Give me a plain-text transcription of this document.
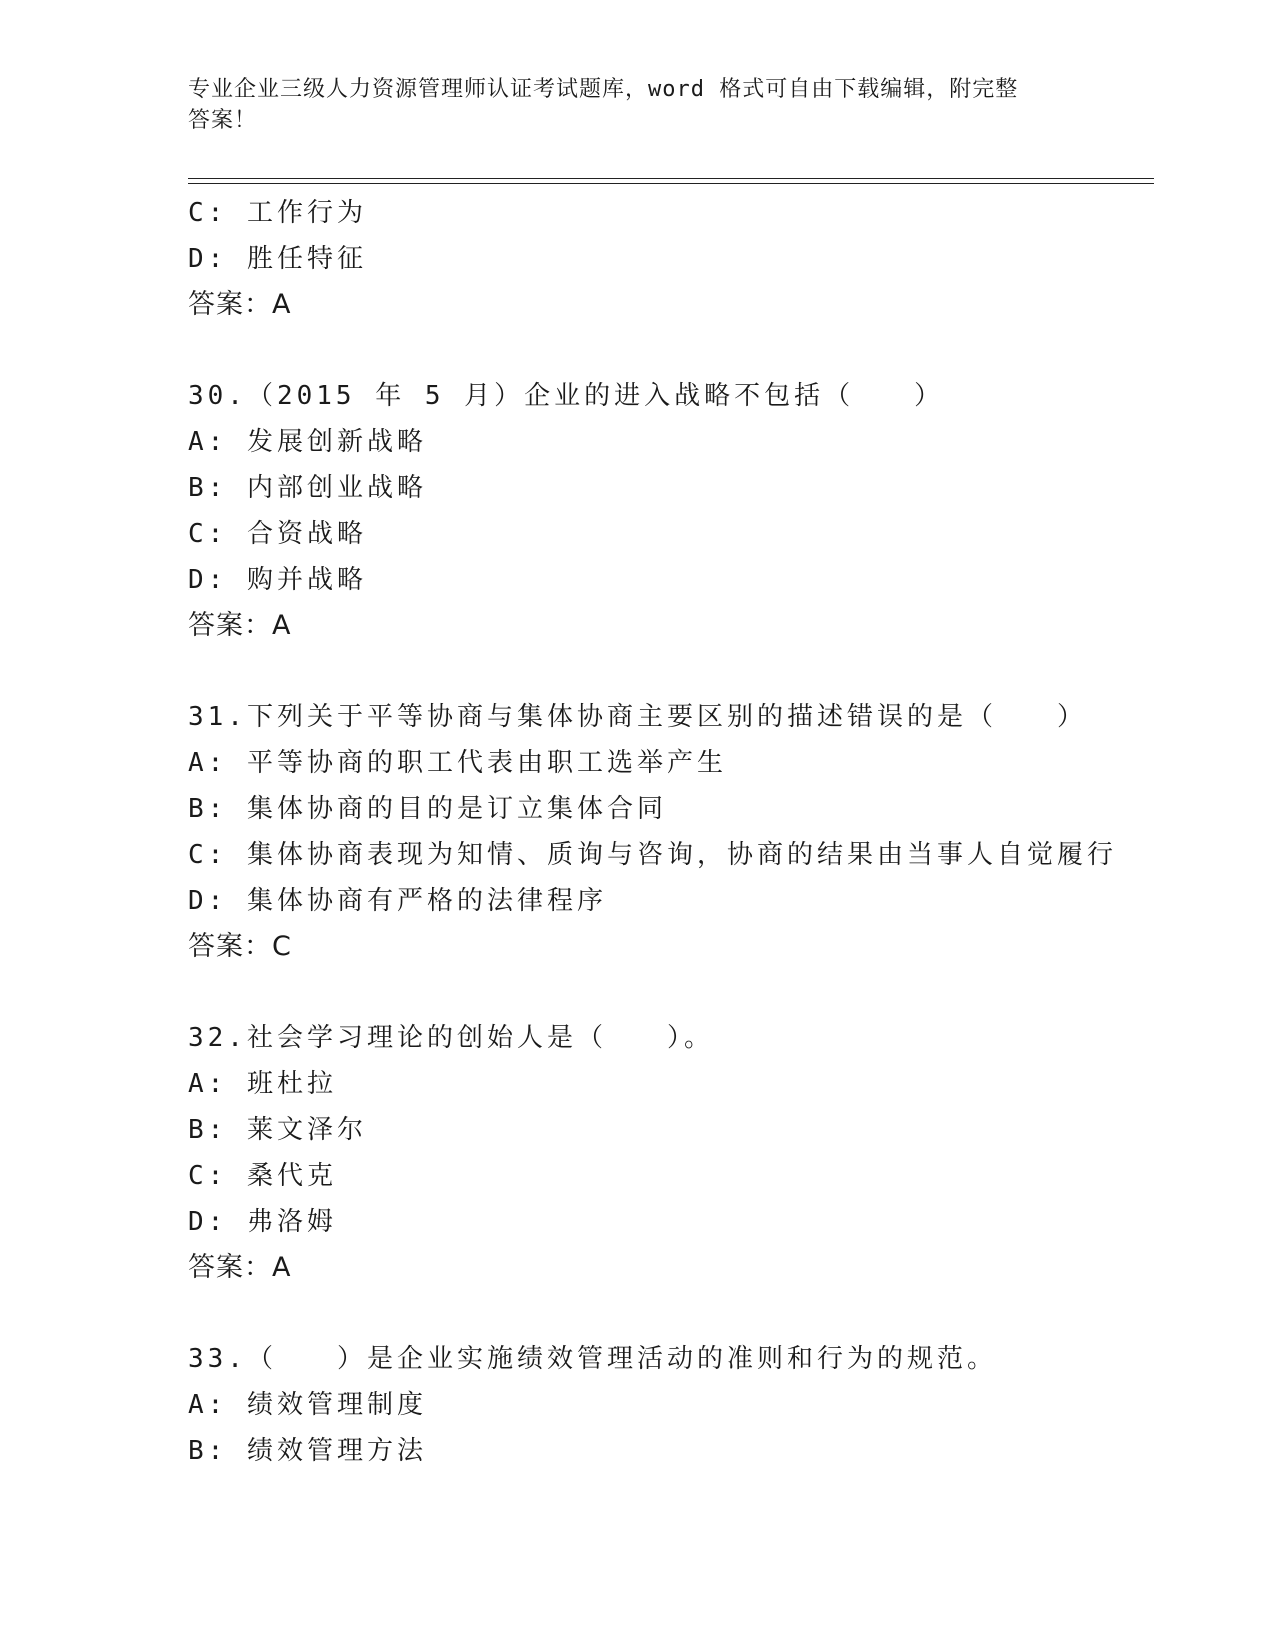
专业企业三级人力资源管理师认证考试题库，word 格式可自由下载编辑，附完整
答案！
C: 工作行为
D: 胜任特征
答案：A
30.（2015 年 5 月）企业的进入战略不包括（　　）
A: 发展创新战略
B: 内部创业战略
C: 合资战略
D: 购并战略
答案：A
31.下列关于平等协商与集体协商主要区别的描述错误的是（　　）
A: 平等协商的职工代表由职工选举产生
B: 集体协商的目的是订立集体合同
C: 集体协商表现为知情、质询与咨询，协商的结果由当事人自觉履行
D: 集体协商有严格的法律程序
答案：C
32.社会学习理论的创始人是（　　）。
A: 班杜拉
B: 莱文泽尔
C: 桑代克
D: 弗洛姆
答案：A
33.（　　）是企业实施绩效管理活动的准则和行为的规范。
A: 绩效管理制度
B: 绩效管理方法
